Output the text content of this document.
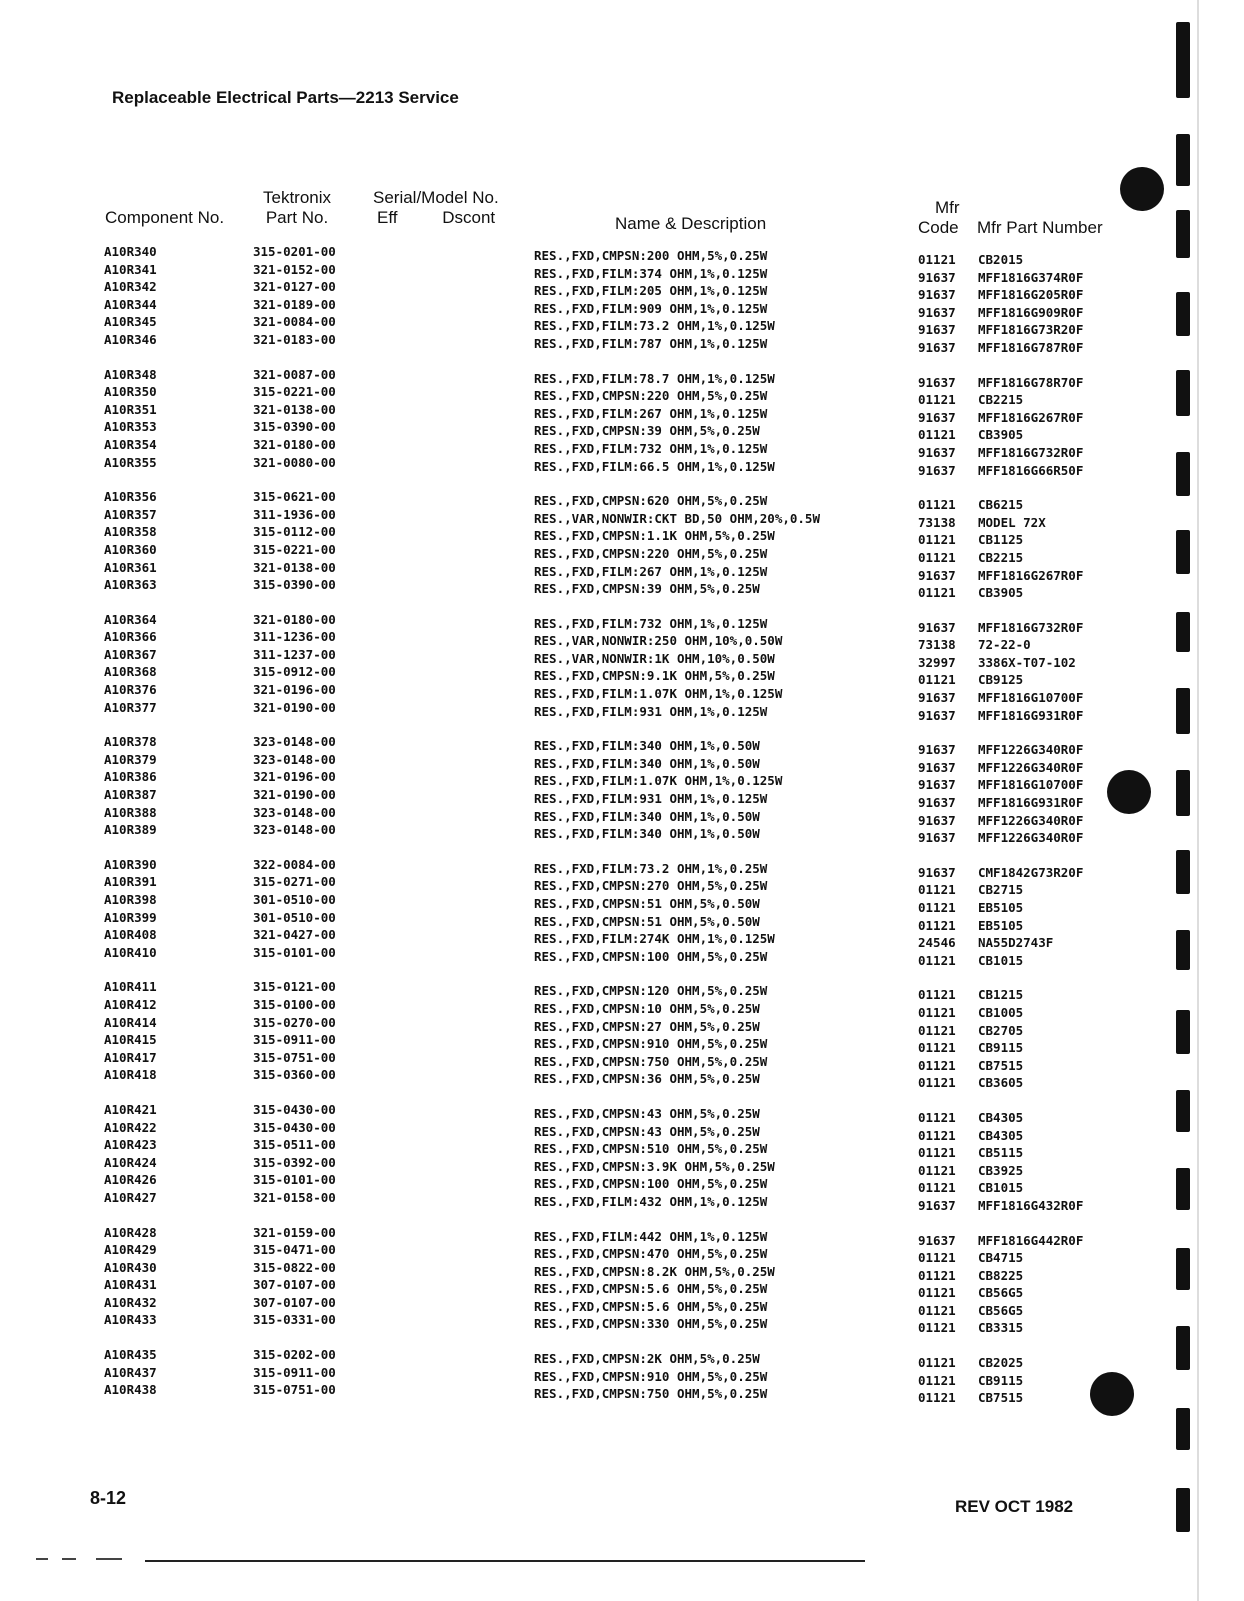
Replaceable Electrical Parts—2213 Service
Component No.
Tektronix
Part No.
Serial/Model No.
Eff	Dscont	Name & Description
Mfr
Code Mfr Part Number
A10R340	315-0201-00	RES.,FXD,CMPSN:200 OHM,5%,0.25W	01121 CB2015
A10R341	321-0152-00	RES.,FXD,FILM:374 OHM,1%,0.125W	91637 MFF1816G374R0F
A10R342	321-0127-00	RES.,FXD,FILM:205 OHM,1%,0.125W	91637 MFF1816G205R0F
A10R344	321-0189-00	RES.,FXD,FILM:909 OHM,1%,0.125W	91637 MFF1816G909R0F
A10R345	321-0084-00	RES.,FXD,FILM:73.2 OHM,1%,0.125W	91637 MFF1816G73R20F
A10R346	321-0183-00	RES.,FXD,FILM:787 OHM,1%,0.125W	91637 MFF1816G787R0F
A10R348	321-0087-00	RES.,FXD,FILM:78.7 OHM,1%,0.125W	91637 MFF1816G78R70F
A10R350	315-0221-00	RES.,FXD,CMPSN:220 OHM,5%,0.25W	01121 CB2215
A10R351	321-0138-00	RES.,FXD,FILM:267 OHM,1%,0.125W	91637 MFF1816G267R0F
A10R353	315-0390-00	RES.,FXD,CMPSN:39 OHM,5%,0.25W	01121 CB3905
A10R354	321-0180-00	RES.,FXD,FILM:732 OHM,1%,0.125W	91637 MFF1816G732R0F
A10R355	321-0080-00	RES.,FXD,FILM:66.5 OHM,1%,0.125W	91637 MFF1816G66R50F
A10R356	315-0621-00	RES.,FXD,CMPSN:620 OHM,5%,0.25W	01121 CB6215
A10R357	311-1936-00	RES.,VAR,NONWIR:CKT BD,50 OHM,20%,0.5W	73138 MODEL 72X
A10R358	315-0112-00	RES.,FXD,CMPSN:1.1K OHM,5%,0.25W	01121 CB1125
A10R360	315-0221-00	RES.,FXD,CMPSN:220 OHM,5%,0.25W	01121 CB2215
A10R361	321-0138-00	RES.,FXD,FILM:267 OHM,1%,0.125W	91637 MFF1816G267R0F
A10R363	315-0390-00	RES.,FXD,CMPSN:39 OHM,5%,0.25W	01121 CB3905
A10R364	321-0180-00	RES.,FXD,FILM:732 OHM,1%,0.125W	91637 MFF1816G732R0F
A10R366	311-1236-00	RES.,VAR,NONWIR:250 OHM,10%,0.50W	73138 72-22-0
A10R367	311-1237-00	RES.,VAR,NONWIR:1K OHM,10%,0.50W	32997 3386X-T07-102
A10R368	315-0912-00	RES.,FXD,CMPSN:9.1K OHM,5%,0.25W	01121 CB9125
A10R376	321-0196-00	RES.,FXD,FILM:1.07K OHM,1%,0.125W	91637 MFF1816G10700F
A10R377	321-0190-00	RES.,FXD,FILM:931 OHM,1%,0.125W	91637 MFF1816G931R0F
A10R378	323-0148-00	RES.,FXD,FILM:340 OHM,1%,0.50W	91637 MFF1226G340R0F
A10R379	323-0148-00	RES.,FXD,FILM:340 OHM,1%,0.50W	91637 MFF1226G340R0F
A10R386	321-0196-00	RES.,FXD,FILM:1.07K OHM,1%,0.125W	91637 MFF1816G10700F
A10R387	321-0190-00	RES.,FXD,FILM:931 OHM,1%,0.125W	91637 MFF1816G931R0F
A10R388	323-0148-00	RES.,FXD,FILM:340 OHM,1%,0.50W	91637 MFF1226G340R0F
A10R389	323-0148-00	RES.,FXD,FILM:340 OHM,1%,0.50W	91637 MFF1226G340R0F
A10R390	322-0084-00	RES.,FXD,FILM:73.2 OHM,1%,0.25W	91637 CMF1842G73R20F
A10R391	315-0271-00	RES.,FXD,CMPSN:270 OHM,5%,0.25W	01121 CB2715
A10R398	301-0510-00	RES.,FXD,CMPSN:51 OHM,5%,0.50W	01121 EB5105
A10R399	301-0510-00	RES.,FXD,CMPSN:51 OHM,5%,0.50W	01121 EB5105
A10R408	321-0427-00	RES.,FXD,FILM:274K OHM,1%,0.125W	24546 NA55D2743F
A10R410	315-0101-00	RES.,FXD,CMPSN:100 OHM,5%,0.25W	01121 CB1015
A10R411	315-0121-00	RES.,FXD,CMPSN:120 OHM,5%,0.25W	01121 CB1215
A10R412	315-0100-00	RES.,FXD,CMPSN:10 OHM,5%,0.25W	01121 CB1005
A10R414	315-0270-00	RES.,FXD,CMPSN:27 OHM,5%,0.25W	01121 CB2705
A10R415	315-0911-00	RES.,FXD,CMPSN:910 OHM,5%,0.25W	01121 CB9115
A10R417	315-0751-00	RES.,FXD,CMPSN:750 OHM,5%,0.25W	01121 CB7515
A10R418	315-0360-00	RES.,FXD,CMPSN:36 OHM,5%,0.25W	01121 CB3605
A10R421	315-0430-00	RES.,FXD,CMPSN:43 OHM,5%,0.25W	01121 CB4305
A10R422	315-0430-00	RES.,FXD,CMPSN:43 OHM,5%,0.25W	01121 CB4305
A10R423	315-0511-00	RES.,FXD,CMPSN:510 OHM,5%,0.25W	01121 CB5115
A10R424	315-0392-00	RES.,FXD,CMPSN:3.9K OHM,5%,0.25W	01121 CB3925
A10R426	315-0101-00	RES.,FXD,CMPSN:100 OHM,5%,0.25W	01121 CB1015
A10R427	321-0158-00	RES.,FXD,FILM:432 OHM,1%,0.125W	91637 MFF1816G432R0F
A10R428	321-0159-00	RES.,FXD,FILM:442 OHM,1%,0.125W	91637 MFF1816G442R0F
A10R429	315-0471-00	RES.,FXD,CMPSN:470 OHM,5%,0.25W	01121 CB4715
A10R430	315-0822-00	RES.,FXD,CMPSN:8.2K OHM,5%,0.25W	01121 CB8225
A10R431	307-0107-00	RES.,FXD,CMPSN:5.6 OHM,5%,0.25W	01121 CB56G5
A10R432	307-0107-00	RES.,FXD,CMPSN:5.6 OHM,5%,0.25W	01121 CB56G5
A10R433	315-0331-00	RES.,FXD,CMPSN:330 OHM,5%,0.25W	01121 CB3315
A10R435	315-0202-00	RES.,FXD,CMPSN:2K OHM,5%,0.25W	01121 CB2025
A10R437	315-0911-00	RES.,FXD,CMPSN:910 OHM,5%,0.25W	01121 CB9115
A10R438	315-0751-00	RES.,FXD,CMPSN:750 OHM,5%,0.25W	01121 CB7515
8-12	REV OCT 1982
